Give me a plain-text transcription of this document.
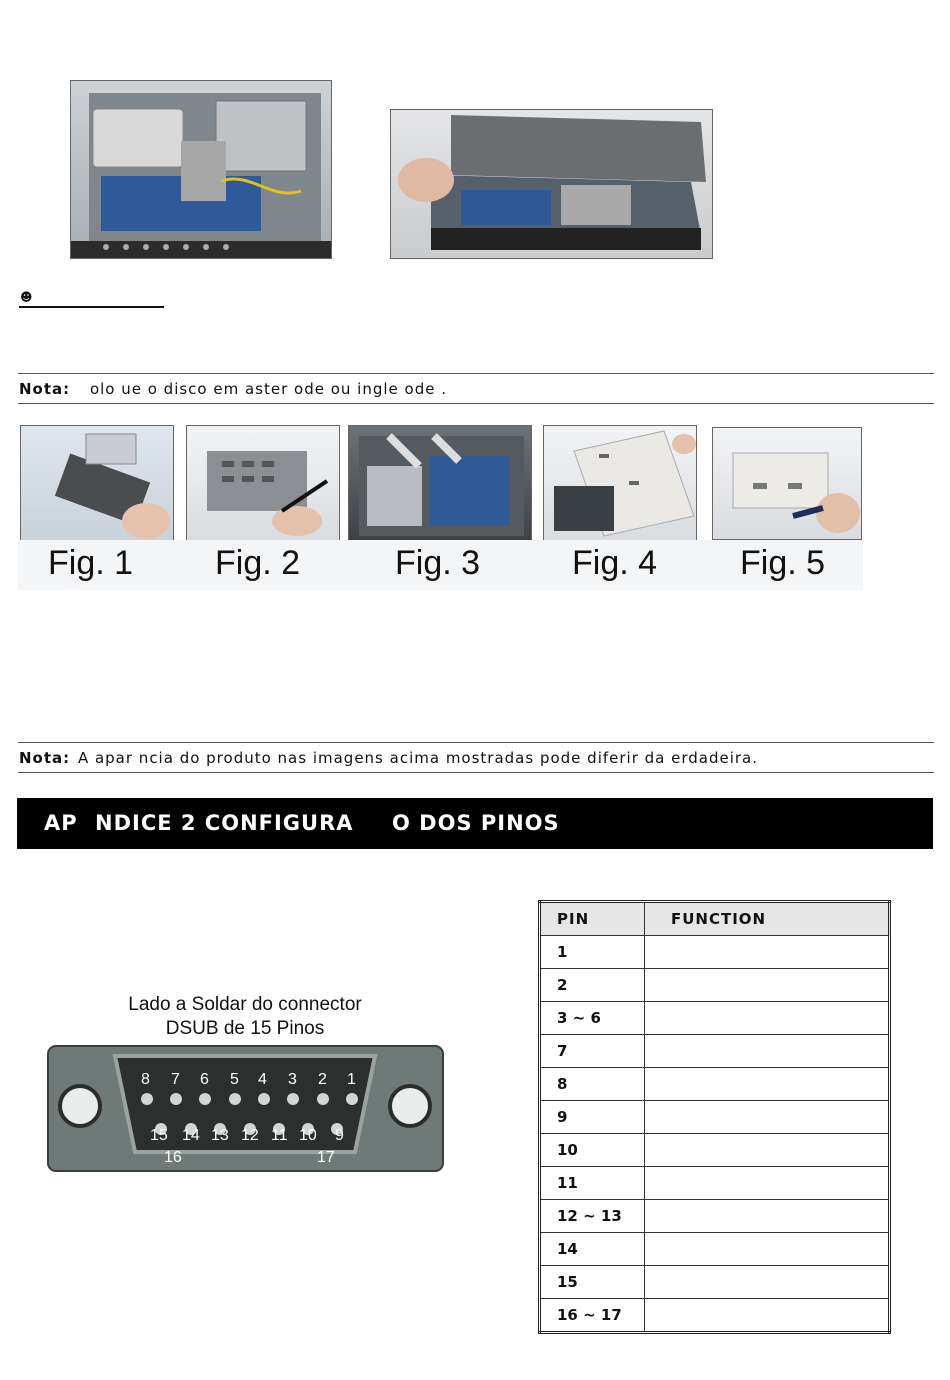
☻
Nota: olo ue o disco em aster ode ou ingle ode .
Fig. 1 Fig. 2	Fig. 3	Fig. 4 Fig. 5
Nota: A apar ncia do produto nas imagens acima mostradas pode diferir da erdadeira.
AP NDICE 2 CONFIGURA O DOS PINOS
Lado a Soldar do connector
DSUB de 15 Pinos
8 7 6 5 4 3 2 1
15 14 13 12 11 10 9
16	17
PIN	FUNCTION
1	
2	
3 ~ 6	
7	
8	
9	
10	
11	
12 ~ 13	
14	
15	
16 ~ 17	
